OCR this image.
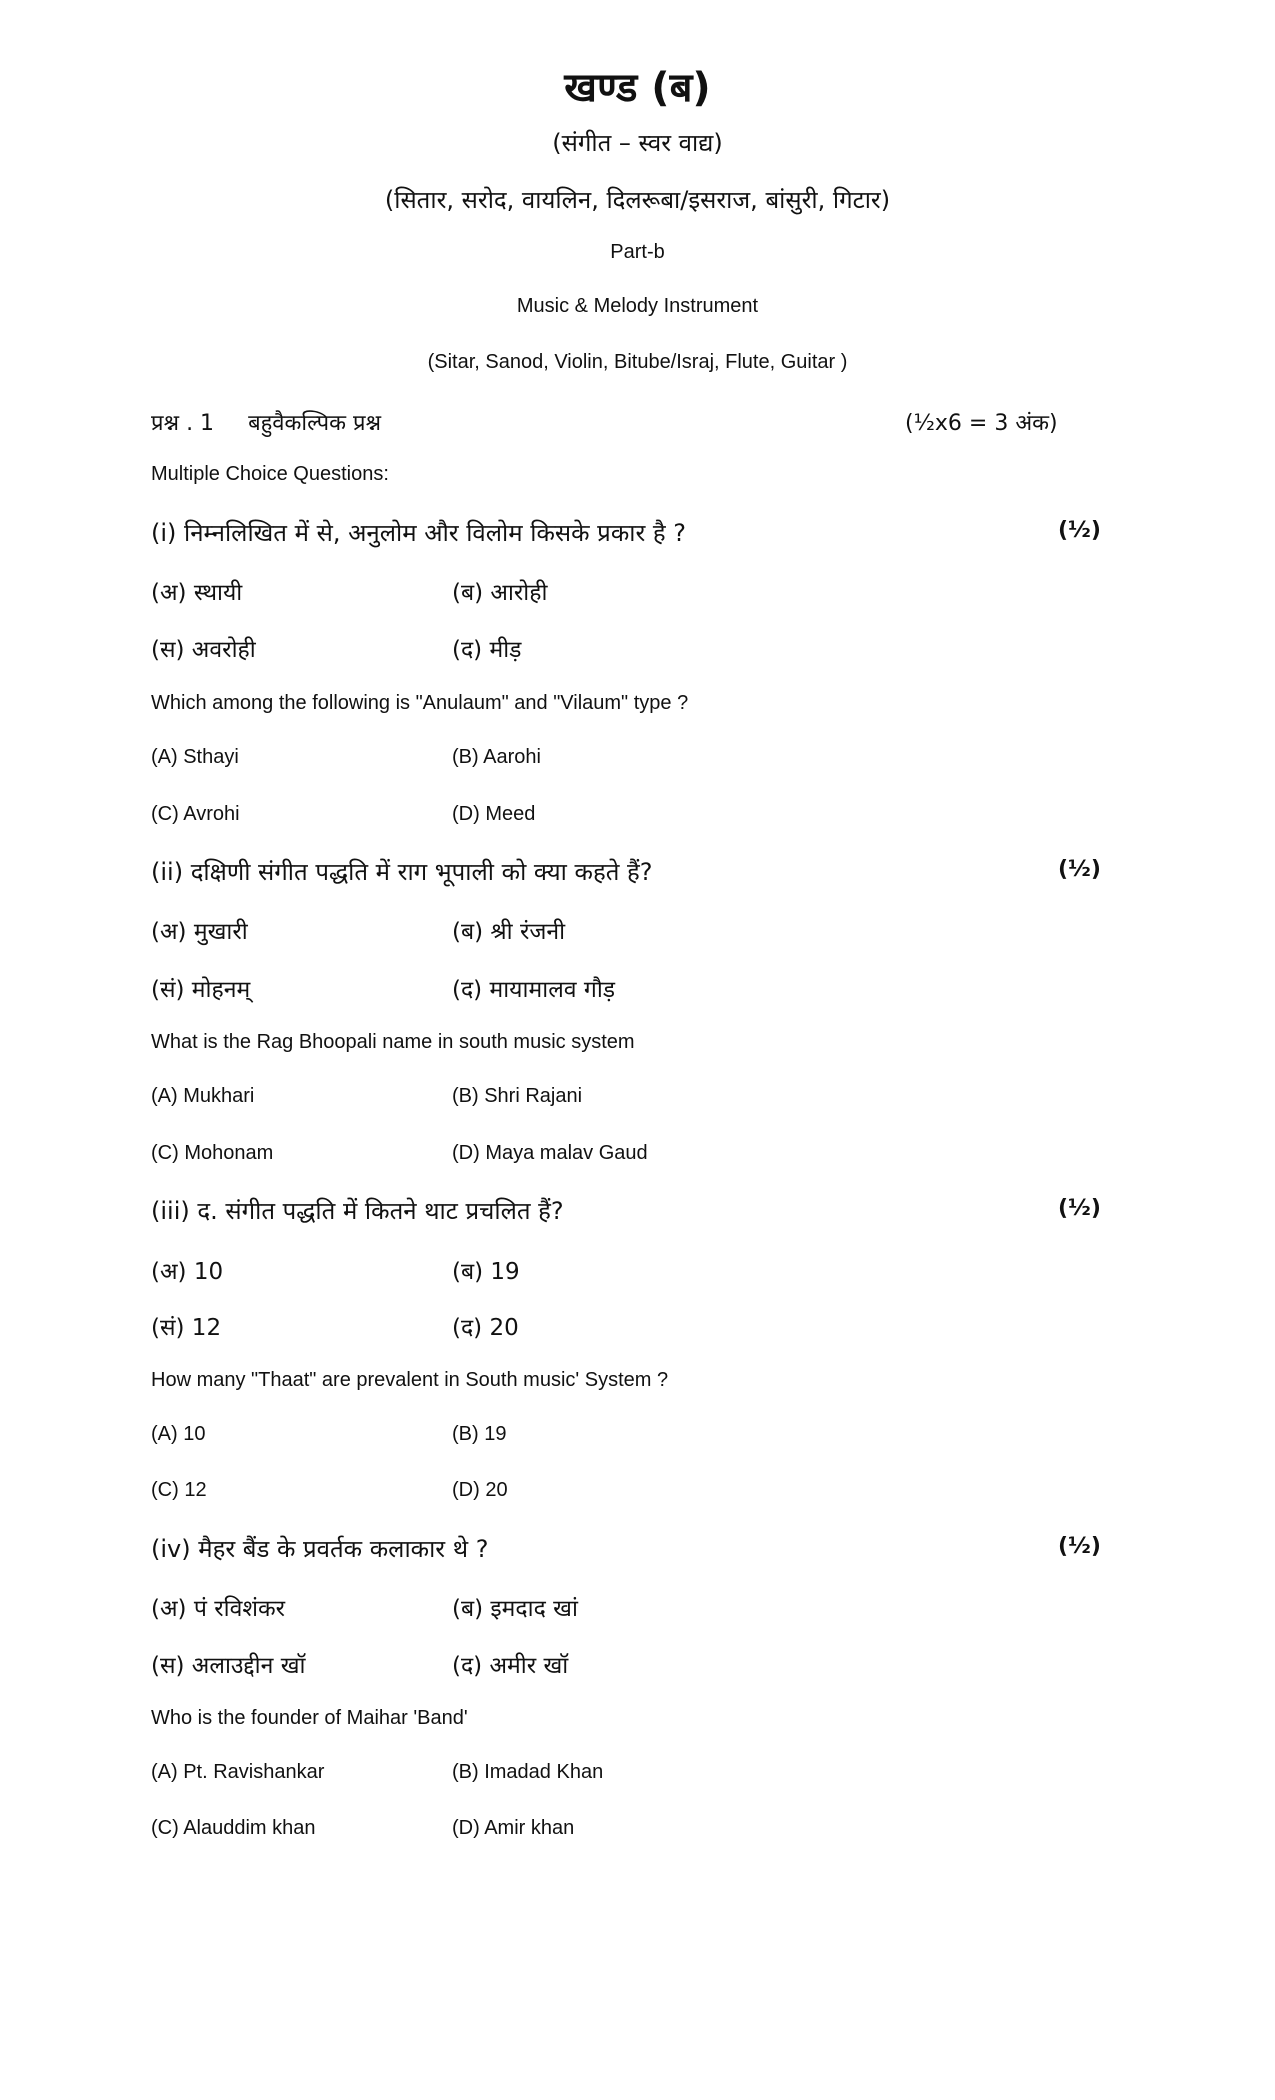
खण्ड (ब)
(संगीत – स्वर वाद्य)
(सितार, सरोद, वायलिन, दिलरूबा/इसराज, बांसुरी, गिटार)
Part-b
Music & Melody Instrument
(Sitar, Sanod, Violin, Bitube/Israj, Flute, Guitar )
प्रश्न . 1 बहुवैकल्पिक प्रश्न	(½x6 = 3 अंक)
Multiple Choice Questions:
(i) निम्नलिखित में से, अनुलोम और विलोम किसके प्रकार है ?	(½)
(अ) स्थायी	(ब) आरोही
(स) अवरोही	(द) मीड़
Which among the following is "Anulaum" and "Vilaum" type ?
(A) Sthayi	(B) Aarohi
(C) Avrohi	(D) Meed
(ii) दक्षिणी संगीत पद्धति में राग भूपाली को क्या कहते हैं?	(½)
(अ) मुखारी	(ब) श्री रंजनी
(सं) मोहनम्	(द) मायामालव गौड़
What is the Rag Bhoopali name in south music system
(A) Mukhari	(B) Shri Rajani
(C) Mohonam	(D) Maya malav Gaud
(iii) द. संगीत पद्धति में कितने थाट प्रचलित हैं?	(½)
(अ) 10	(ब) 19
(सं) 12	(द) 20
How many "Thaat" are prevalent in South music' System ?
(A) 10	(B) 19
(C) 12	(D) 20
(iv) मैहर बैंड के प्रवर्तक कलाकार थे ?	(½)
(अ) पं रविशंकर	(ब) इमदाद खां
(स) अलाउद्दीन खॉ	(द) अमीर खॉ
Who is the founder of Maihar 'Band'
(A) Pt. Ravishankar	(B) Imadad Khan
(C) Alauddim khan	(D) Amir khan
